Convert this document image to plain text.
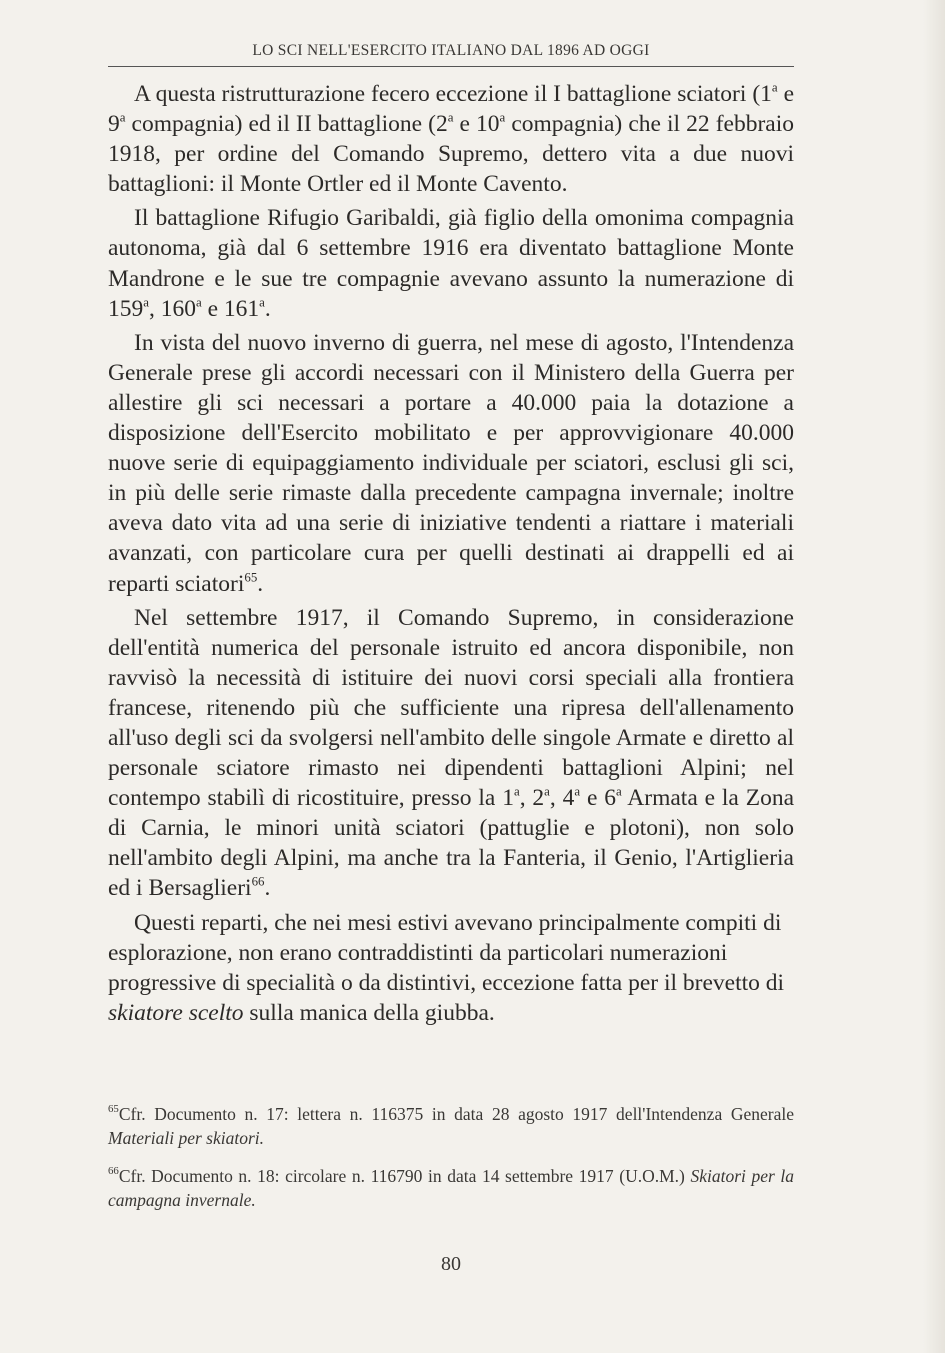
LO SCI NELL'ESERCITO ITALIANO DAL 1896 AD OGGI

A questa ristrutturazione fecero eccezione il I battaglione sciatori (1$^a$ e 9$^a$ compagnia) ed il II battaglione (2$^a$ e 10$^a$ compagnia) che il 22 febbraio 1918, per ordine del Comando Supremo, dettero vita a due nuovi battaglioni: il Monte Ortler ed il Monte Cavento.

Il battaglione Rifugio Garibaldi, già figlio della omonima compagnia autonoma, già dal 6 settembre 1916 era diventato battaglione Monte Mandrone e le sue tre compagnie avevano assunto la numerazione di 159$^a$, 160$^a$ e 161$^a$.

In vista del nuovo inverno di guerra, nel mese di agosto, l'Intendenza Generale prese gli accordi necessari con il Ministero della Guerra per allestire gli sci necessari a portare a 40.000 paia la dotazione a disposizione dell'Esercito mobilitato e per approvvigionare 40.000 nuove serie di equipaggiamento individuale per sciatori, esclusi gli sci, in più delle serie rimaste dalla precedente campagna invernale; inoltre aveva dato vita ad una serie di iniziative tendenti a riattare i materiali avanzati, con particolare cura per quelli destinati ai drappelli ed ai reparti sciatori$^{65}$.

Nel settembre 1917, il Comando Supremo, in considerazione dell'entità numerica del personale istruito ed ancora disponibile, non ravvisò la necessità di istituire dei nuovi corsi speciali alla frontiera francese, ritenendo più che sufficiente una ripresa dell'allenamento all'uso degli sci da svolgersi nell'ambito delle singole Armate e diretto al personale sciatore rimasto nei dipendenti battaglioni Alpini; nel contempo stabilì di ricostituire, presso la 1$^a$, 2$^a$, 4$^a$ e 6$^a$ Armata e la Zona di Carnia, le minori unità sciatori (pattuglie e plotoni), non solo nell'ambito degli Alpini, ma anche tra la Fanteria, il Genio, l'Artiglieria ed i Bersaglieri$^{66}$.

Questi reparti, che nei mesi estivi avevano principalmente compiti di esplorazione, non erano contraddistinti da particolari numerazioni progressive di specialità o da distintivi, eccezione fatta per il brevetto di skiatore scelto sulla manica della giubba.

$^{65}$Cfr. Documento n. 17: lettera n. 116375 in data 28 agosto 1917 dell'Intendenza Generale Materiali per skiatori.

$^{66}$Cfr. Documento n. 18: circolare n. 116790 in data 14 settembre 1917 (U.O.M.) Skiatori per la campagna invernale.

80
